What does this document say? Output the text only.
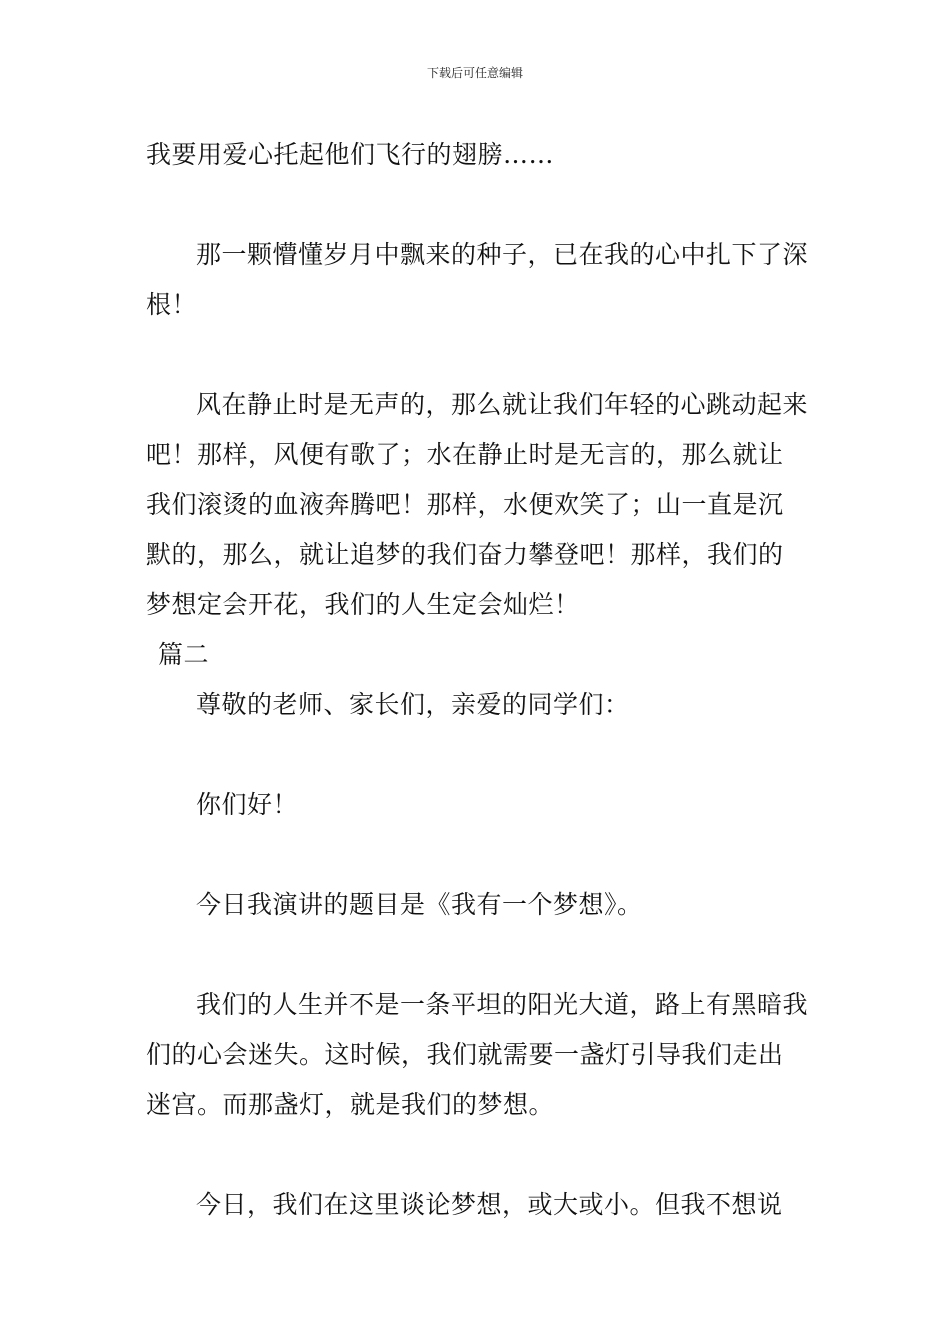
下载后可任意编辑

我要用爱心托起他们飞行的翅膀……

那一颗懵懂岁月中飘来的种子，已在我的心中扎下了深根！

风在静止时是无声的，那么就让我们年轻的心跳动起来吧！那样，风便有歌了；水在静止时是无言的，那么就让我们滚烫的血液奔腾吧！那样，水便欢笑了；山一直是沉默的，那么，就让追梦的我们奋力攀登吧！那样，我们的梦想定会开花，我们的人生定会灿烂！

篇二

尊敬的老师、家长们，亲爱的同学们：

你们好！

今日我演讲的题目是《我有一个梦想》。

我们的人生并不是一条平坦的阳光大道，路上有黑暗我们的心会迷失。这时候，我们就需要一盏灯引导我们走出迷宫。而那盏灯，就是我们的梦想。

今日，我们在这里谈论梦想，或大或小。但我不想说
